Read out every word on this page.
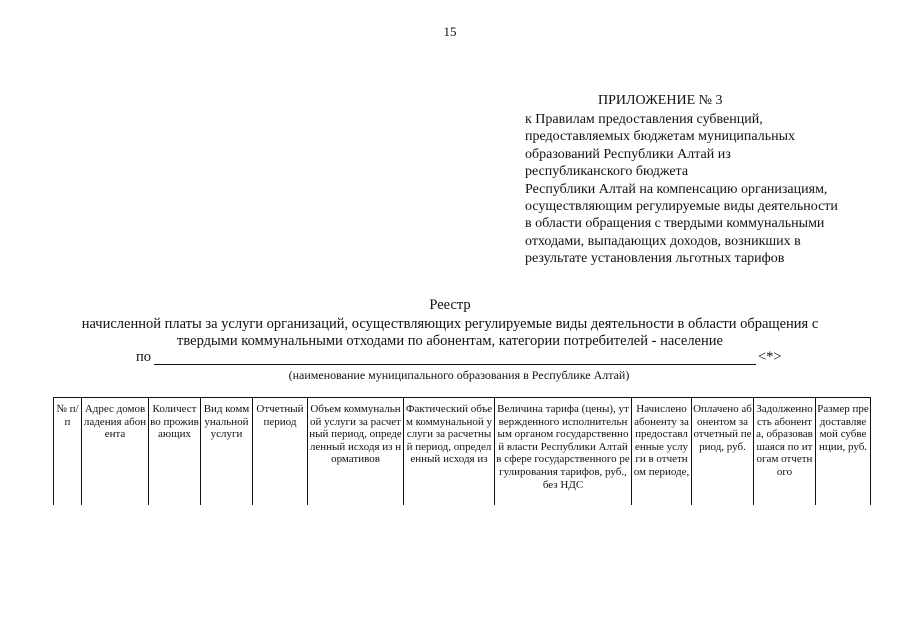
15
ПРИЛОЖЕНИЕ № 3
к Правилам предоставления субвенций,
предоставляемых бюджетам муниципальных
образований Республики Алтай из
республиканского бюджета
Республики Алтай на компенсацию организациям,
осуществляющим регулируемые виды деятельности
в области обращения с твердыми коммунальными
отходами, выпадающих доходов, возникших в
результате установления льготных тарифов
Реестр
начисленной платы за услуги организаций, осуществляющих регулируемые виды деятельности в области обращения с
твердыми коммунальными отходами по абонентам, категории потребителей - население
по	<*>
(наименование муниципального образования в Республике Алтай)
№ п/п	Адрес домовладения абонента	Количество проживающих	Вид коммунальной услуги	Отчетный период	Объем коммунальной услуги за расчетный период, определенный исходя из нормативов	Фактический объем коммунальной услуги за расчетный период, определенный исходя из	Величина тарифа (цены), утвержденного исполнительным органом государственной власти Республики Алтай в сфере государственного регулирования тарифов, руб., без НДС	Начислено абоненту за предоставленные услуги в отчетном периоде,	Оплачено абонентом за отчетный период, руб.	Задолженность абонента, образовавшаяся по итогам отчетного	Размер предоставляемой субвенции, руб.
